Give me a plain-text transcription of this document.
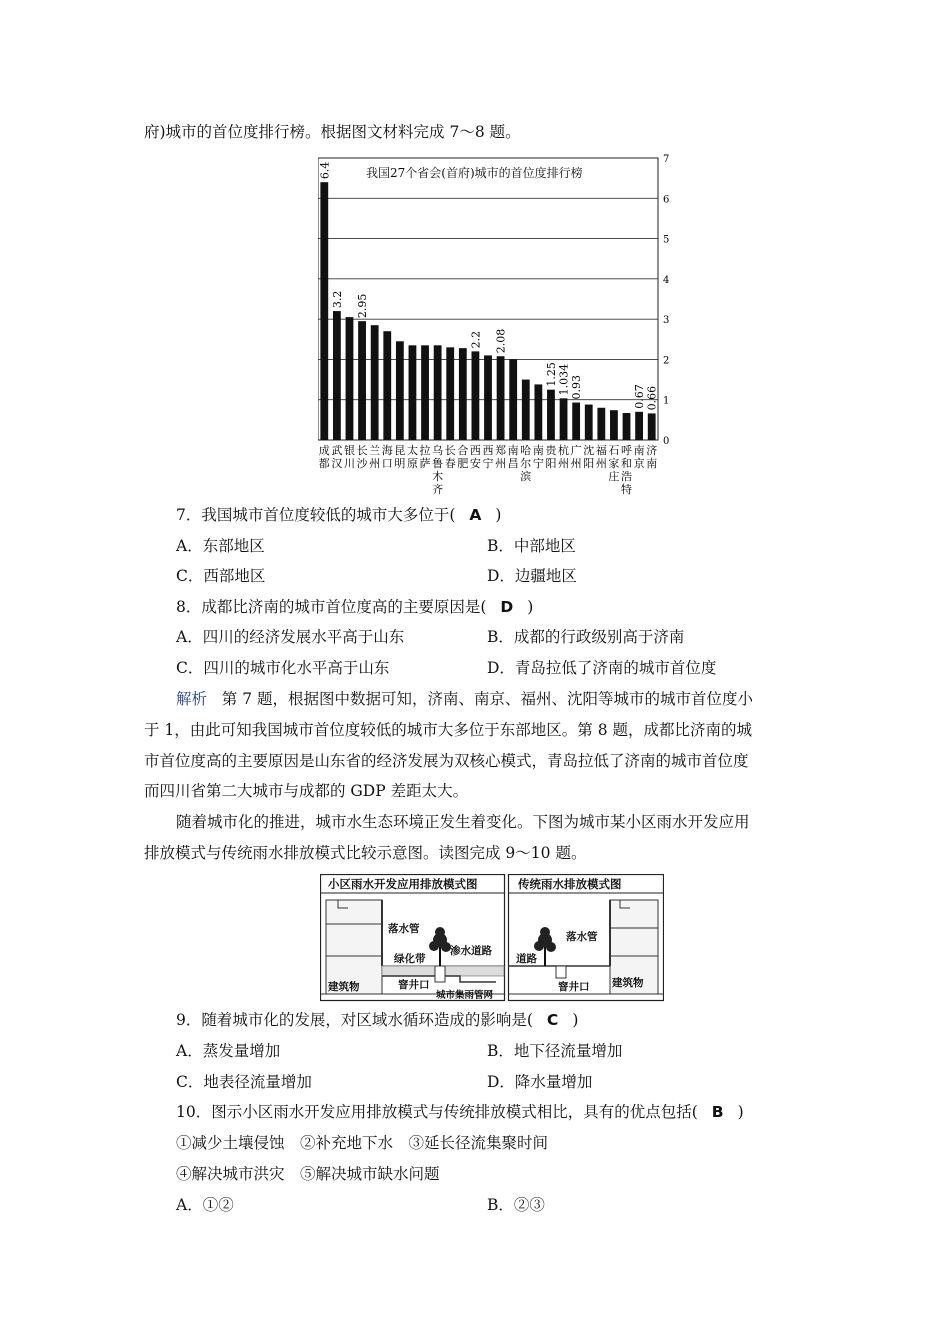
府)城市的首位度排行榜。根据图文材料完成 7～8 题。
我国27个省会(首府)城市的首位度排行榜
6.4
3.2 2.95
2.2 2.08
1.25 1.034 0.93	0.67 0.66
0
1
2
3
4
5
6
7
成都
武汉
银川
长沙
兰州
海口
昆明
太原
拉萨
乌鲁木齐
长春
合肥
西安
西宁
郑州
南昌
哈尔滨
南宁
贵阳
杭州
广州
沈阳
福州
石家庄
呼和浩特
南京
济南
7．我国城市首位度较低的城市大多位于( A )
A．东部地区	B．中部地区
C．西部地区	D．边疆地区
8．成都比济南的城市首位度高的主要原因是( D )
A．四川的经济发展水平高于山东	B．成都的行政级别高于济南
C．四川的城市化水平高于山东	D．青岛拉低了济南的城市首位度
解析 第 7 题，根据图中数据可知，济南、南京、福州、沈阳等城市的城市首位度小
于 1，由此可知我国城市首位度较低的城市大多位于东部地区。第 8 题，成都比济南的城
市首位度高的主要原因是山东省的经济发展为双核心模式，青岛拉低了济南的城市首位度
而四川省第二大城市与成都的 GDP 差距太大。
随着城市化的推进，城市水生态环境正发生着变化。下图为城市某小区雨水开发应用
排放模式与传统雨水排放模式比较示意图。读图完成 9～10 题。
小区雨水开发应用排放模式图
落水管
渗水道路
绿化带
建筑物	窨井口
城市集雨管网
传统雨水排放模式图
落水管
道路
窨井口 建筑物
9．随着城市化的发展，对区域水循环造成的影响是( C )
A．蒸发量增加	B．地下径流量增加
C．地表径流量增加	D．降水量增加
10．图示小区雨水开发应用排放模式与传统排放模式相比，具有的优点包括( B )
①减少土壤侵蚀　②补充地下水　③延长径流集聚时间
④解决城市洪灾　⑤解决城市缺水问题
A．①②	B．②③
